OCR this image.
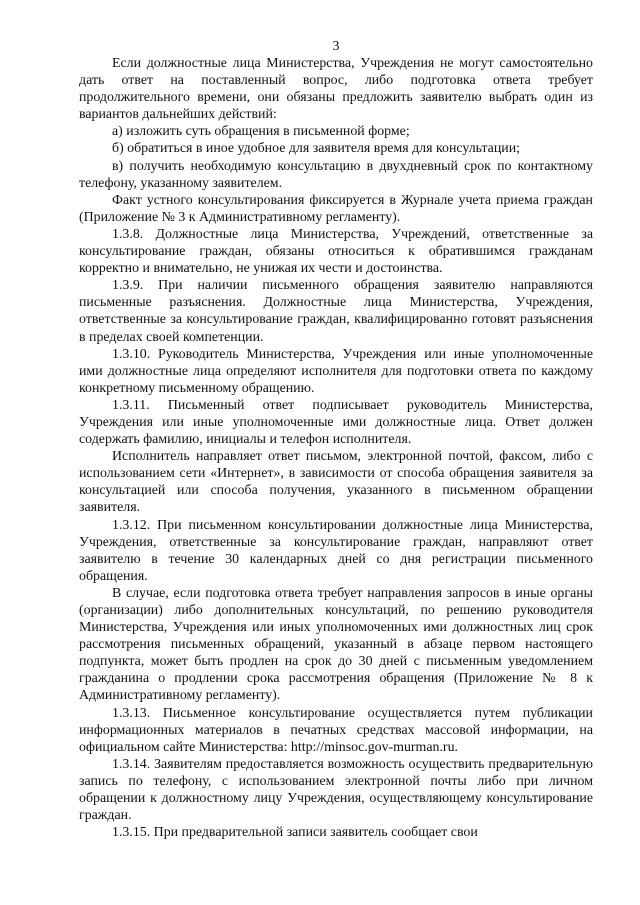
3

Если должностные лица Министерства, Учреждения не могут самостоятельно дать ответ на поставленный вопрос, либо подготовка ответа требует продолжительного времени, они обязаны предложить заявителю выбрать один из вариантов дальнейших действий:

а) изложить суть обращения в письменной форме;

б) обратиться в иное удобное для заявителя время для консультации;

в) получить необходимую консультацию в двухдневный срок по контактному телефону, указанному заявителем.

Факт устного консультирования фиксируется в Журнале учета приема граждан (Приложение № 3 к Административному регламенту).

1.3.8. Должностные лица Министерства, Учреждений, ответственные за консультирование граждан, обязаны относиться к обратившимся гражданам корректно и внимательно, не унижая их чести и достоинства.

1.3.9. При наличии письменного обращения заявителю направляются письменные разъяснения. Должностные лица Министерства, Учреждения, ответственные за консультирование граждан, квалифицированно готовят разъяснения в пределах своей компетенции.

1.3.10. Руководитель Министерства, Учреждения или иные уполномоченные ими должностные лица определяют исполнителя для подготовки ответа по каждому конкретному письменному обращению.

1.3.11. Письменный ответ подписывает руководитель Министерства, Учреждения или иные уполномоченные ими должностные лица. Ответ должен содержать фамилию, инициалы и телефон исполнителя.

Исполнитель направляет ответ письмом, электронной почтой, факсом, либо с использованием сети «Интернет», в зависимости от способа обращения заявителя за консультацией или способа получения, указанного в письменном обращении заявителя.

1.3.12. При письменном консультировании должностные лица Министерства, Учреждения, ответственные за консультирование граждан, направляют ответ заявителю в течение 30 календарных дней со дня регистрации письменного обращения.

В случае, если подготовка ответа требует направления запросов в иные органы (организации) либо дополнительных консультаций, по решению руководителя Министерства, Учреждения или иных уполномоченных ими должностных лиц срок рассмотрения письменных обращений, указанный в абзаце первом настоящего подпункта, может быть продлен на срок до 30 дней с письменным уведомлением гражданина о продлении срока рассмотрения обращения (Приложение № 8 к Административному регламенту).

1.3.13. Письменное консультирование осуществляется путем публикации информационных материалов в печатных средствах массовой информации, на официальном сайте Министерства: http://minsoc.gov-murman.ru.

1.3.14. Заявителям предоставляется возможность осуществить предварительную запись по телефону, с использованием электронной почты либо при личном обращении к должностному лицу Учреждения, осуществляющему консультирование граждан.

1.3.15. При предварительной записи заявитель сообщает свои
